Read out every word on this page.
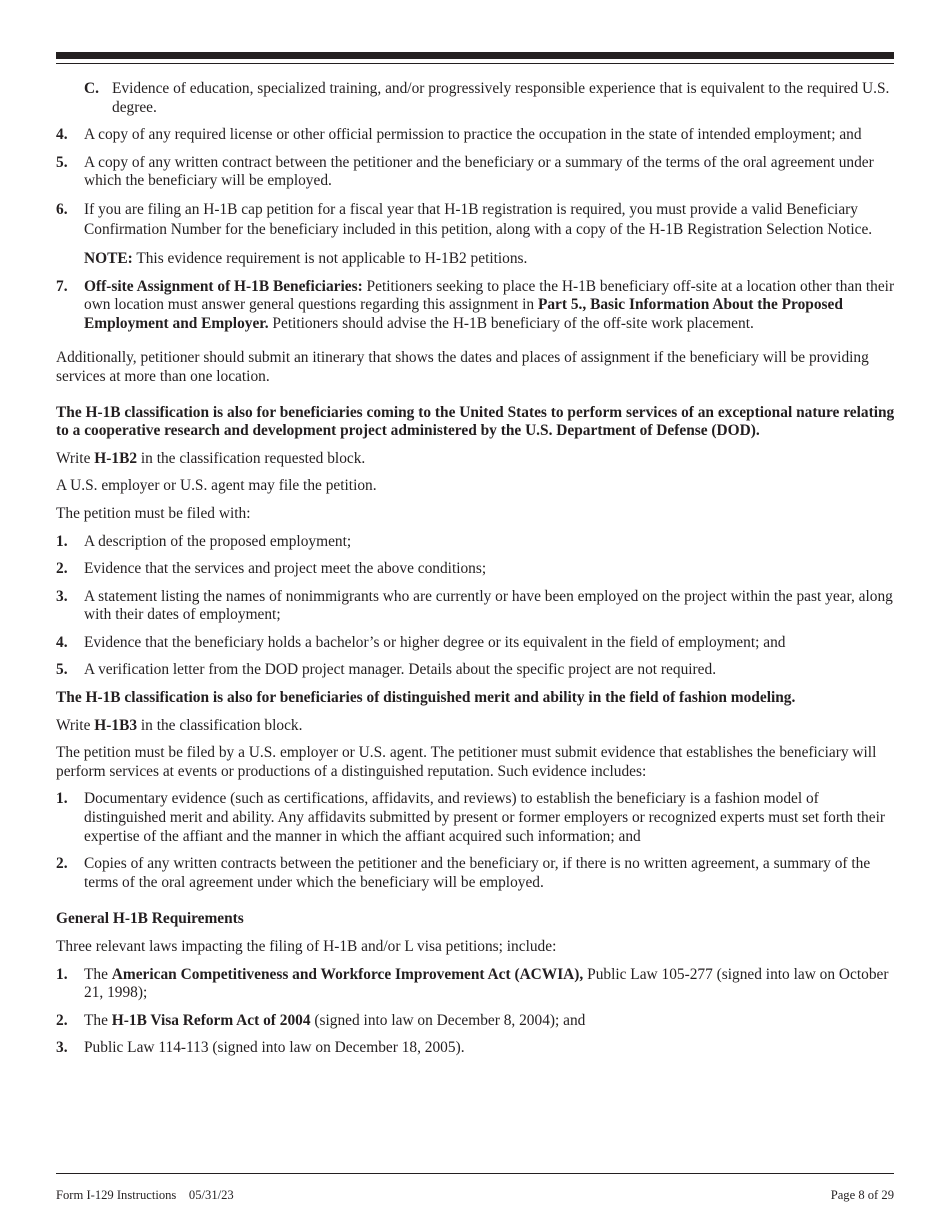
C. Evidence of education, specialized training, and/or progressively responsible experience that is equivalent to the required U.S. degree.
4. A copy of any required license or other official permission to practice the occupation in the state of intended employment; and
5. A copy of any written contract between the petitioner and the beneficiary or a summary of the terms of the oral agreement under which the beneficiary will be employed.
6. If you are filing an H-1B cap petition for a fiscal year that H-1B registration is required, you must provide a valid Beneficiary Confirmation Number for the beneficiary included in this petition, along with a copy of the H-1B Registration Selection Notice.

NOTE: This evidence requirement is not applicable to H-1B2 petitions.

7. Off-site Assignment of H-1B Beneficiaries: Petitioners seeking to place the H-1B beneficiary off-site at a location other than their own location must answer general questions regarding this assignment in Part 5., Basic Information About the Proposed Employment and Employer. Petitioners should advise the H-1B beneficiary of the off-site work placement.

Additionally, petitioner should submit an itinerary that shows the dates and places of assignment if the beneficiary will be providing services at more than one location.

The H-1B classification is also for beneficiaries coming to the United States to perform services of an exceptional nature relating to a cooperative research and development project administered by the U.S. Department of Defense (DOD).

Write H-1B2 in the classification requested block.

A U.S. employer or U.S. agent may file the petition.

The petition must be filed with:

1. A description of the proposed employment;
2. Evidence that the services and project meet the above conditions;
3. A statement listing the names of nonimmigrants who are currently or have been employed on the project within the past year, along with their dates of employment;
4. Evidence that the beneficiary holds a bachelor’s or higher degree or its equivalent in the field of employment; and
5. A verification letter from the DOD project manager. Details about the specific project are not required.

The H-1B classification is also for beneficiaries of distinguished merit and ability in the field of fashion modeling.

Write H-1B3 in the classification block.

The petition must be filed by a U.S. employer or U.S. agent. The petitioner must submit evidence that establishes the beneficiary will perform services at events or productions of a distinguished reputation. Such evidence includes:

1. Documentary evidence (such as certifications, affidavits, and reviews) to establish the beneficiary is a fashion model of distinguished merit and ability. Any affidavits submitted by present or former employers or recognized experts must set forth their expertise of the affiant and the manner in which the affiant acquired such information; and
2. Copies of any written contracts between the petitioner and the beneficiary or, if there is no written agreement, a summary of the terms of the oral agreement under which the beneficiary will be employed.

General H-1B Requirements

Three relevant laws impacting the filing of H-1B and/or L visa petitions; include:

1. The American Competitiveness and Workforce Improvement Act (ACWIA), Public Law 105-277 (signed into law on October 21, 1998);
2. The H-1B Visa Reform Act of 2004 (signed into law on December 8, 2004); and
3. Public Law 114-113 (signed into law on December 18, 2005).
Form I-129 Instructions    05/31/23	Page 8 of 29
